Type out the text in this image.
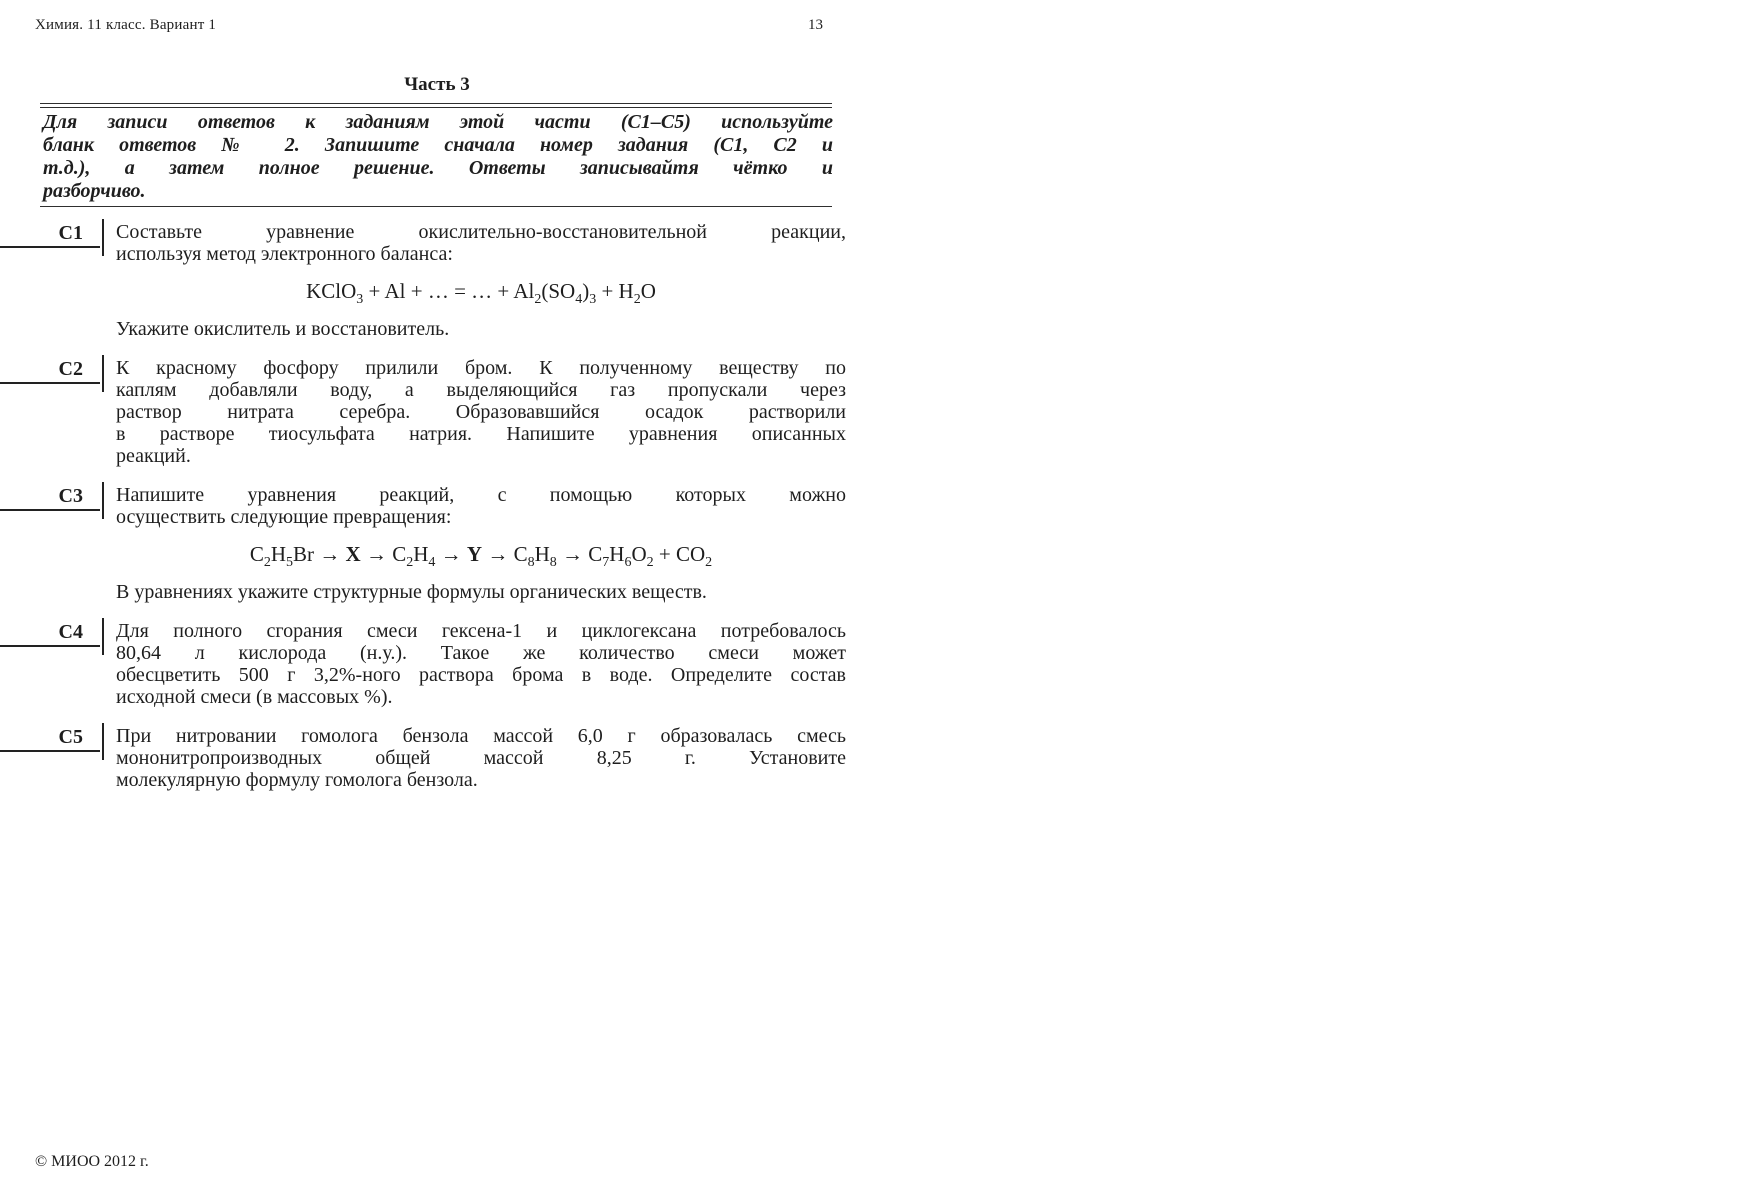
Химия. 11 класс. Вариант 1	13
Часть 3
Для записи ответов к заданиям этой части (С1–С5) используйте
бланк ответов № 2. Запишите сначала номер задания (С1, С2 и
т.д.), а затем полное решение. Ответы записывайтя чётко и
разборчиво.
С1	Составьте уравнение окислительно-восстановительной реакции,
используя метод электронного баланса:
KClO$_3$ + Al + … = … + $Al_2(SO_4)_3 + H_2O$
Укажите окислитель и восстановитель.
С2	К красному фосфору прилили бром. К полученному веществу по
каплям добавляли воду, а выделяющийся газ пропускали через
раствор нитрата серебра. Образовавшийся осадок растворили
в растворе тиосульфата натрия. Напишите уравнения описанных
реакций.
С3	Напишите уравнения реакций, с помощью которых можно
осуществить следующие превращения:
$C_2H_5Br \to X \to C_2H_4 \to Y \to C_8H_8 \to C_7H_6O_2 + CO_2$
В уравнениях укажите структурные формулы органических веществ.
С4	Для полного сгорания смеси гексена-1 и циклогексана потребовалось
80,64 л кислорода (н.у.). Такое же количество смеси может
обесцветить 500 г 3,2%-ного раствора брома в воде. Определите состав
исходной смеси (в массовых %).
С5	При нитровании гомолога бензола массой 6,0 г образовалась смесь
мононитропроизводных общей массой 8,25 г. Установите
молекулярную формулу гомолога бензола.
© МИОО 2012 г.
